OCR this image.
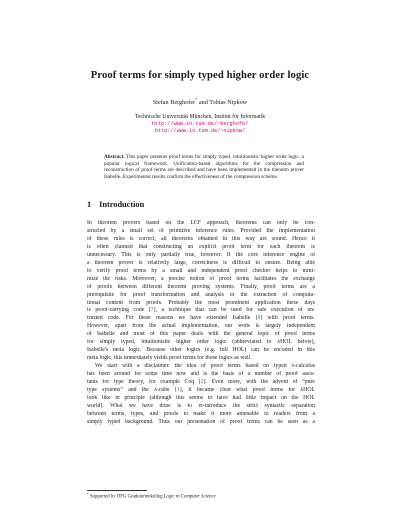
Proof terms for simply typed higher order logic
Stefan Berghofer* and Tobias Nipkow
Technische Universität München, Institut für Informatik
http://www.in.tum.de/~berghofe/
http://www.in.tum.de/~nipkow/
Abstract. This paper presents proof terms for simply typed, intuitionistic higher order logic, a popular logical framework. Unification-based algorithms for the compression and reconstruction of proof terms are described and have been implemented in the theorem prover Isabelle. Experimental results confirm the effectiveness of the compression scheme.
1 Introduction

In theorem provers based on the LCF approach, theorems can only be con-
structed by a small set of primitive inference rules. Provided the implementation
of these rules is correct, all theorems obtained in this way are sound. Hence it
is often claimed that constructing an explicit proof term for each theorem is
unnecessary. This is only partially true, however. If the core inference engine of
a theorem prover is relatively large, correctness is difficult to ensure. Being able
to verify proof terms by a small and independent proof checker helps to mini-
mize the risks. Moreover, a precise notion of proof terms facilitates the exchange
of proofs between different theorem proving systems. Finally, proof terms are a
prerequisite for proof transformation and analysis or the extraction of computa-
tional content from proofs. Probably the most prominent application these days
is proof-carrying code [7], a technique that can be used for safe execution of un-
trusted code. For these reasons we have extended Isabelle [8] with proof terms.
However, apart from the actual implementation, our work is largely independent
of Isabelle and most of this paper deals with the general topic of proof terms
for simply typed, intuitionistic higher order logic (abbreviated to λHOL below),
Isabelle's meta logic. Because other logics (e.g. full HOL) can be encoded in this
meta logic, this immediately yields proof terms for those logics as well.

We start with a disclaimer: the idea of proof terms based on typed λ-calculus
has been around for some time now and is the basis of a number of proof assis-
tants for type theory, for example Coq [2]. Even more, with the advent of “pure
type systems” and the λ-cube [1], it became clear what proof terms for λHOL
look like in principle (although this seems to have had little impact on the HOL
world). What we have done is to re-introduce the strict syntactic separation
between terms, types, and proofs to make it more amenable to readers from a
simply typed background. Thus our presentation of proof terms can be seen as a

* Supported by DFG Graduiertenkolleg Logic in Computer Science
